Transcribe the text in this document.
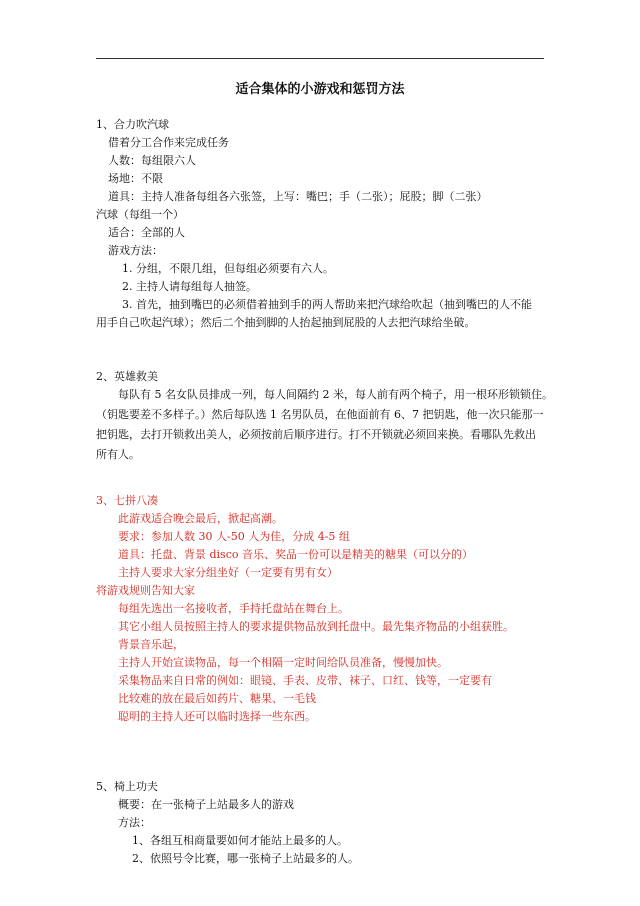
适合集体的小游戏和惩罚方法
1、合力吹汽球
借着分工合作来完成任务
人数：每组限六人
场地：不限
道具：主持人准备每组各六张签，上写：嘴巴；手（二张）；屁股；脚（二张）
汽球（每组一个）
适合：全部的人
游戏方法：
1. 分组，不限几组，但每组必须要有六人。
2. 主持人请每组每人抽签。
3. 首先，抽到嘴巴的必须借着抽到手的两人帮助来把汽球给吹起（抽到嘴巴的人不能
用手自己吹起汽球）；然后二个抽到脚的人抬起抽到屁股的人去把汽球给坐破。
2、英雄救美
每队有 5 名女队员排成一列，每人间隔约 2 米，每人前有两个椅子，用一根环形锁锁住。
（钥匙要差不多样子。）然后每队选 1 名男队员，在他面前有 6、7 把钥匙，他一次只能那一
把钥匙，去打开锁救出美人，必须按前后顺序进行。打不开锁就必须回来换。看哪队先救出
所有人。
3、七拼八凑
此游戏适合晚会最后，掀起高潮。
要求：参加人数 30 人-50 人为佳，分成 4-5 组
道具：托盘、背景 disco 音乐、奖品一份可以是精美的糖果（可以分的）
主持人要求大家分组坐好（一定要有男有女）
将游戏规则告知大家
每组先选出一名接收者，手持托盘站在舞台上。
其它小组人员按照主持人的要求提供物品放到托盘中。最先集齐物品的小组获胜。
背景音乐起，
主持人开始宣读物品，每一个相隔一定时间给队员准备，慢慢加快。
采集物品来自日常的例如：眼镜、手表、皮带、袜子、口红、钱等，一定要有
比较难的放在最后如药片、糖果、一毛钱
聪明的主持人还可以临时选择一些东西。
5、椅上功夫
概要：在一张椅子上站最多人的游戏
方法：
1、各组互相商量要如何才能站上最多的人。
2、依照号令比赛，哪一张椅子上站最多的人。
